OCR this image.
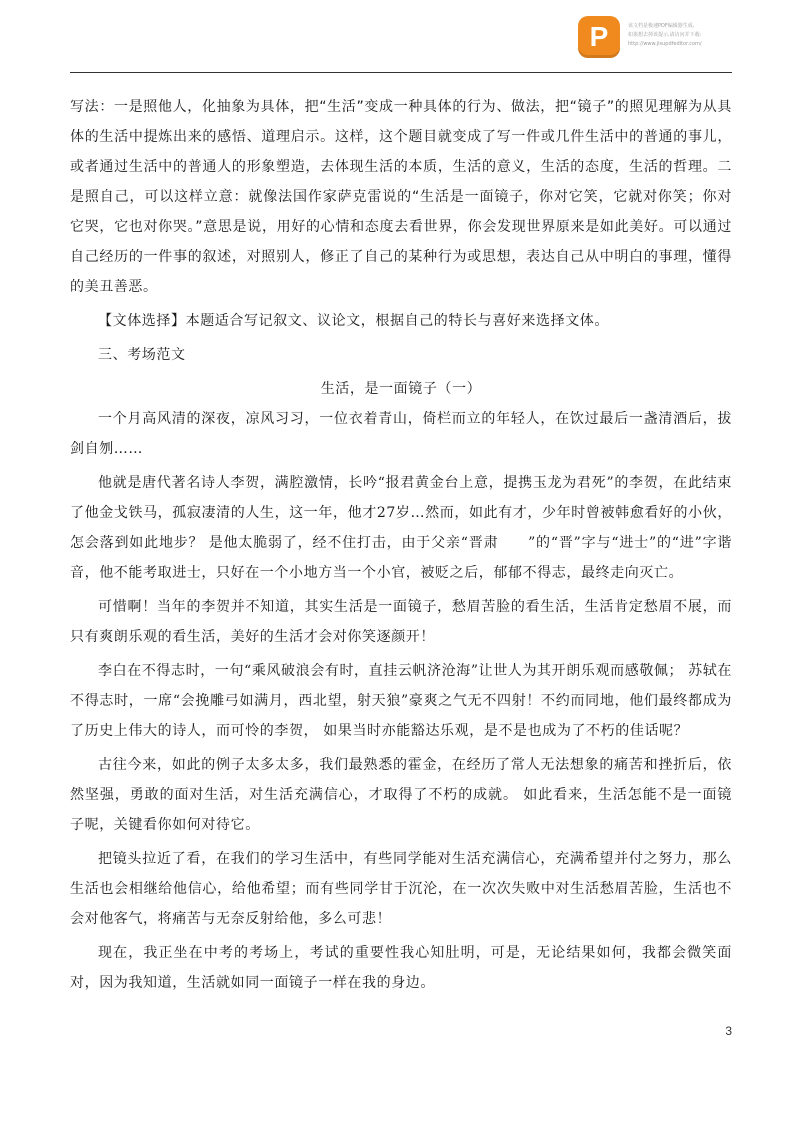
P	该文档是极速PDF编辑器生成,
如果想去掉该提示,请访问并下载:
http://www.jisupdfeditor.com/

写法：一是照他人，化抽象为具体，把“生活”变成一种具体的行为、做法，把“镜子”的照见理解为从具体的生活中提炼出来的感悟、道理启示。这样，这个题目就变成了写一件或几件生活中的普通的事儿，或者通过生活中的普通人的形象塑造，去体现生活的本质，生活的意义，生活的态度，生活的哲理。二是照自己，可以这样立意：就像法国作家萨克雷说的“生活是一面镜子，你对它笑，它就对你笑；你对它哭，它也对你哭。”意思是说，用好的心情和态度去看世界，你会发现世界原来是如此美好。可以通过自己经历的一件事的叙述，对照别人，修正了自己的某种行为或思想，表达自己从中明白的事理，懂得的美丑善恶。

【文体选择】本题适合写记叙文、议论文，根据自己的特长与喜好来选择文体。

三、考场范文

生活，是一面镜子（一）

一个月高风清的深夜，凉风习习，一位衣着青山，倚栏而立的年轻人，在饮过最后一盏清酒后，拔剑自刎……

他就是唐代著名诗人李贺，满腔激情，长吟“报君黄金台上意，提携玉龙为君死”的李贺，在此结束了他金戈铁马，孤寂凄清的人生，这一年，他才27岁…然而，如此有才，少年时曾被韩愈看好的小伙，怎会落到如此地步？ 是他太脆弱了，经不住打击，由于父亲“晋肃　　”的“晋”字与“进士”的“进”字谐音，他不能考取进士，只好在一个小地方当一个小官，被贬之后，郁郁不得志，最终走向灭亡。

可惜啊！当年的李贺并不知道，其实生活是一面镜子，愁眉苦脸的看生活，生活肯定愁眉不展，而只有爽朗乐观的看生活，美好的生活才会对你笑逐颜开！

李白在不得志时，一句“乘风破浪会有时，直挂云帆济沧海”让世人为其开朗乐观而感敬佩； 苏轼在不得志时，一席“会挽雕弓如满月，西北望，射天狼”豪爽之气无不四射！不约而同地，他们最终都成为了历史上伟大的诗人，而可怜的李贺， 如果当时亦能豁达乐观，是不是也成为了不朽的佳话呢？

古往今来，如此的例子太多太多，我们最熟悉的霍金，在经历了常人无法想象的痛苦和挫折后，依然坚强，勇敢的面对生活，对生活充满信心，才取得了不朽的成就。 如此看来，生活怎能不是一面镜子呢，关键看你如何对待它。

把镜头拉近了看，在我们的学习生活中，有些同学能对生活充满信心，充满希望并付之努力，那么生活也会相继给他信心，给他希望；而有些同学甘于沉沦，在一次次失败中对生活愁眉苦脸，生活也不会对他客气，将痛苦与无奈反射给他，多么可悲！

现在，我正坐在中考的考场上，考试的重要性我心知肚明，可是，无论结果如何，我都会微笑面对，因为我知道，生活就如同一面镜子一样在我的身边。

3
